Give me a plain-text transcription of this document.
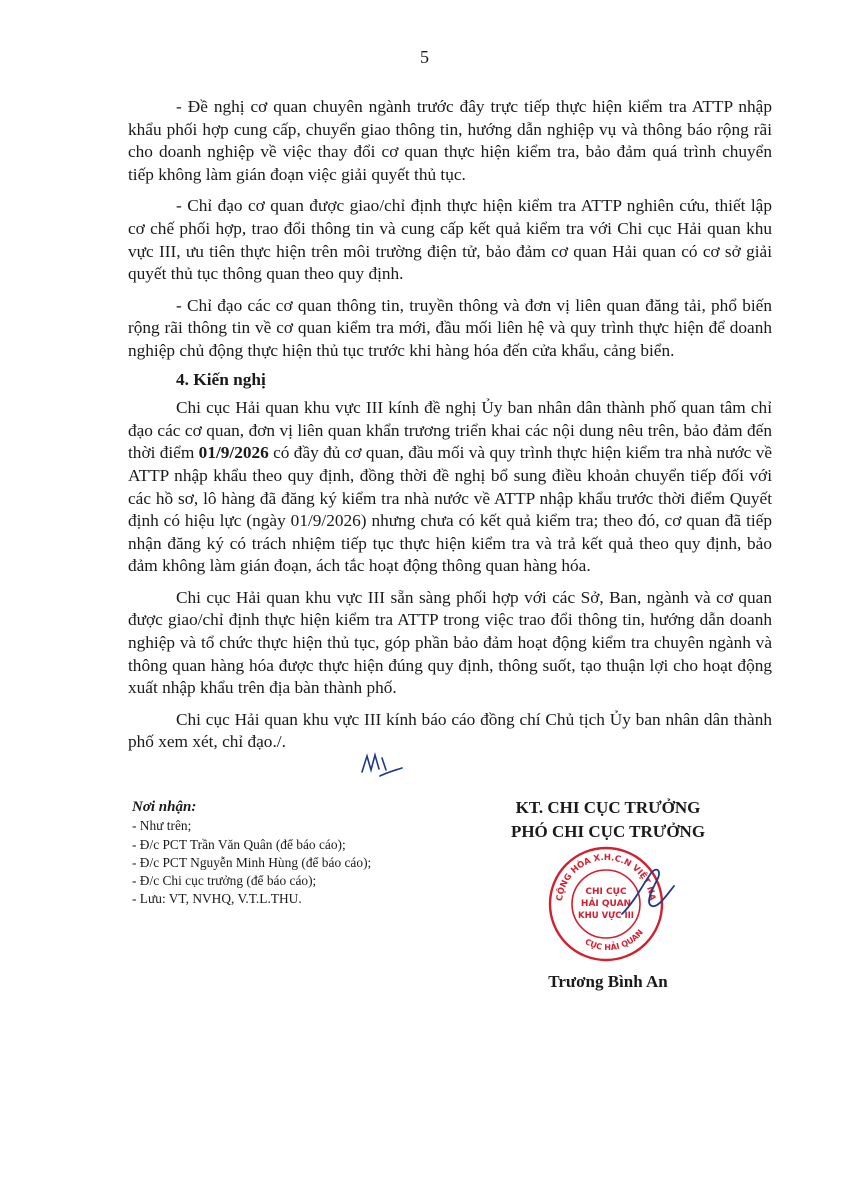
5

- Đề nghị cơ quan chuyên ngành trước đây trực tiếp thực hiện kiểm tra ATTP nhập khẩu phối hợp cung cấp, chuyển giao thông tin, hướng dẫn nghiệp vụ và thông báo rộng rãi cho doanh nghiệp về việc thay đổi cơ quan thực hiện kiểm tra, bảo đảm quá trình chuyển tiếp không làm gián đoạn việc giải quyết thủ tục.

- Chỉ đạo cơ quan được giao/chỉ định thực hiện kiểm tra ATTP nghiên cứu, thiết lập cơ chế phối hợp, trao đổi thông tin và cung cấp kết quả kiểm tra với Chi cục Hải quan khu vực III, ưu tiên thực hiện trên môi trường điện tử, bảo đảm cơ quan Hải quan có cơ sở giải quyết thủ tục thông quan theo quy định.

- Chỉ đạo các cơ quan thông tin, truyền thông và đơn vị liên quan đăng tải, phổ biến rộng rãi thông tin về cơ quan kiểm tra mới, đầu mối liên hệ và quy trình thực hiện để doanh nghiệp chủ động thực hiện thủ tục trước khi hàng hóa đến cửa khẩu, cảng biển.

4. Kiến nghị

Chi cục Hải quan khu vực III kính đề nghị Ủy ban nhân dân thành phố quan tâm chỉ đạo các cơ quan, đơn vị liên quan khẩn trương triển khai các nội dung nêu trên, bảo đảm đến thời điểm 01/9/2026 có đầy đủ cơ quan, đầu mối và quy trình thực hiện kiểm tra nhà nước về ATTP nhập khẩu theo quy định, đồng thời đề nghị bổ sung điều khoản chuyển tiếp đối với các hồ sơ, lô hàng đã đăng ký kiểm tra nhà nước về ATTP nhập khẩu trước thời điểm Quyết định có hiệu lực (ngày 01/9/2026) nhưng chưa có kết quả kiểm tra; theo đó, cơ quan đã tiếp nhận đăng ký có trách nhiệm tiếp tục thực hiện kiểm tra và trả kết quả theo quy định, bảo đảm không làm gián đoạn, ách tắc hoạt động thông quan hàng hóa.

Chi cục Hải quan khu vực III sẵn sàng phối hợp với các Sở, Ban, ngành và cơ quan được giao/chỉ định thực hiện kiểm tra ATTP trong việc trao đổi thông tin, hướng dẫn doanh nghiệp và tổ chức thực hiện thủ tục, góp phần bảo đảm hoạt động kiểm tra chuyên ngành và thông quan hàng hóa được thực hiện đúng quy định, thông suốt, tạo thuận lợi cho hoạt động xuất nhập khẩu trên địa bàn thành phố.

Chi cục Hải quan khu vực III kính báo cáo đồng chí Chủ tịch Ủy ban nhân dân thành phố xem xét, chỉ đạo./.

Nơi nhận:
- Như trên;
- Đ/c PCT Trần Văn Quân (để báo cáo);
- Đ/c PCT Nguyễn Minh Hùng (để báo cáo);
- Đ/c Chi cục trưởng (để báo cáo);
- Lưu: VT, NVHQ, V.T.L.THU.
KT. CHI CỤC TRƯỞNG
PHÓ CHI CỤC TRƯỞNG
CỘNG HÒA X.H.C.N VIỆT NA
CỤC HẢI QUAN
CHI CỤC
HẢI QUAN
KHU VỰC III
Trương Bình An
